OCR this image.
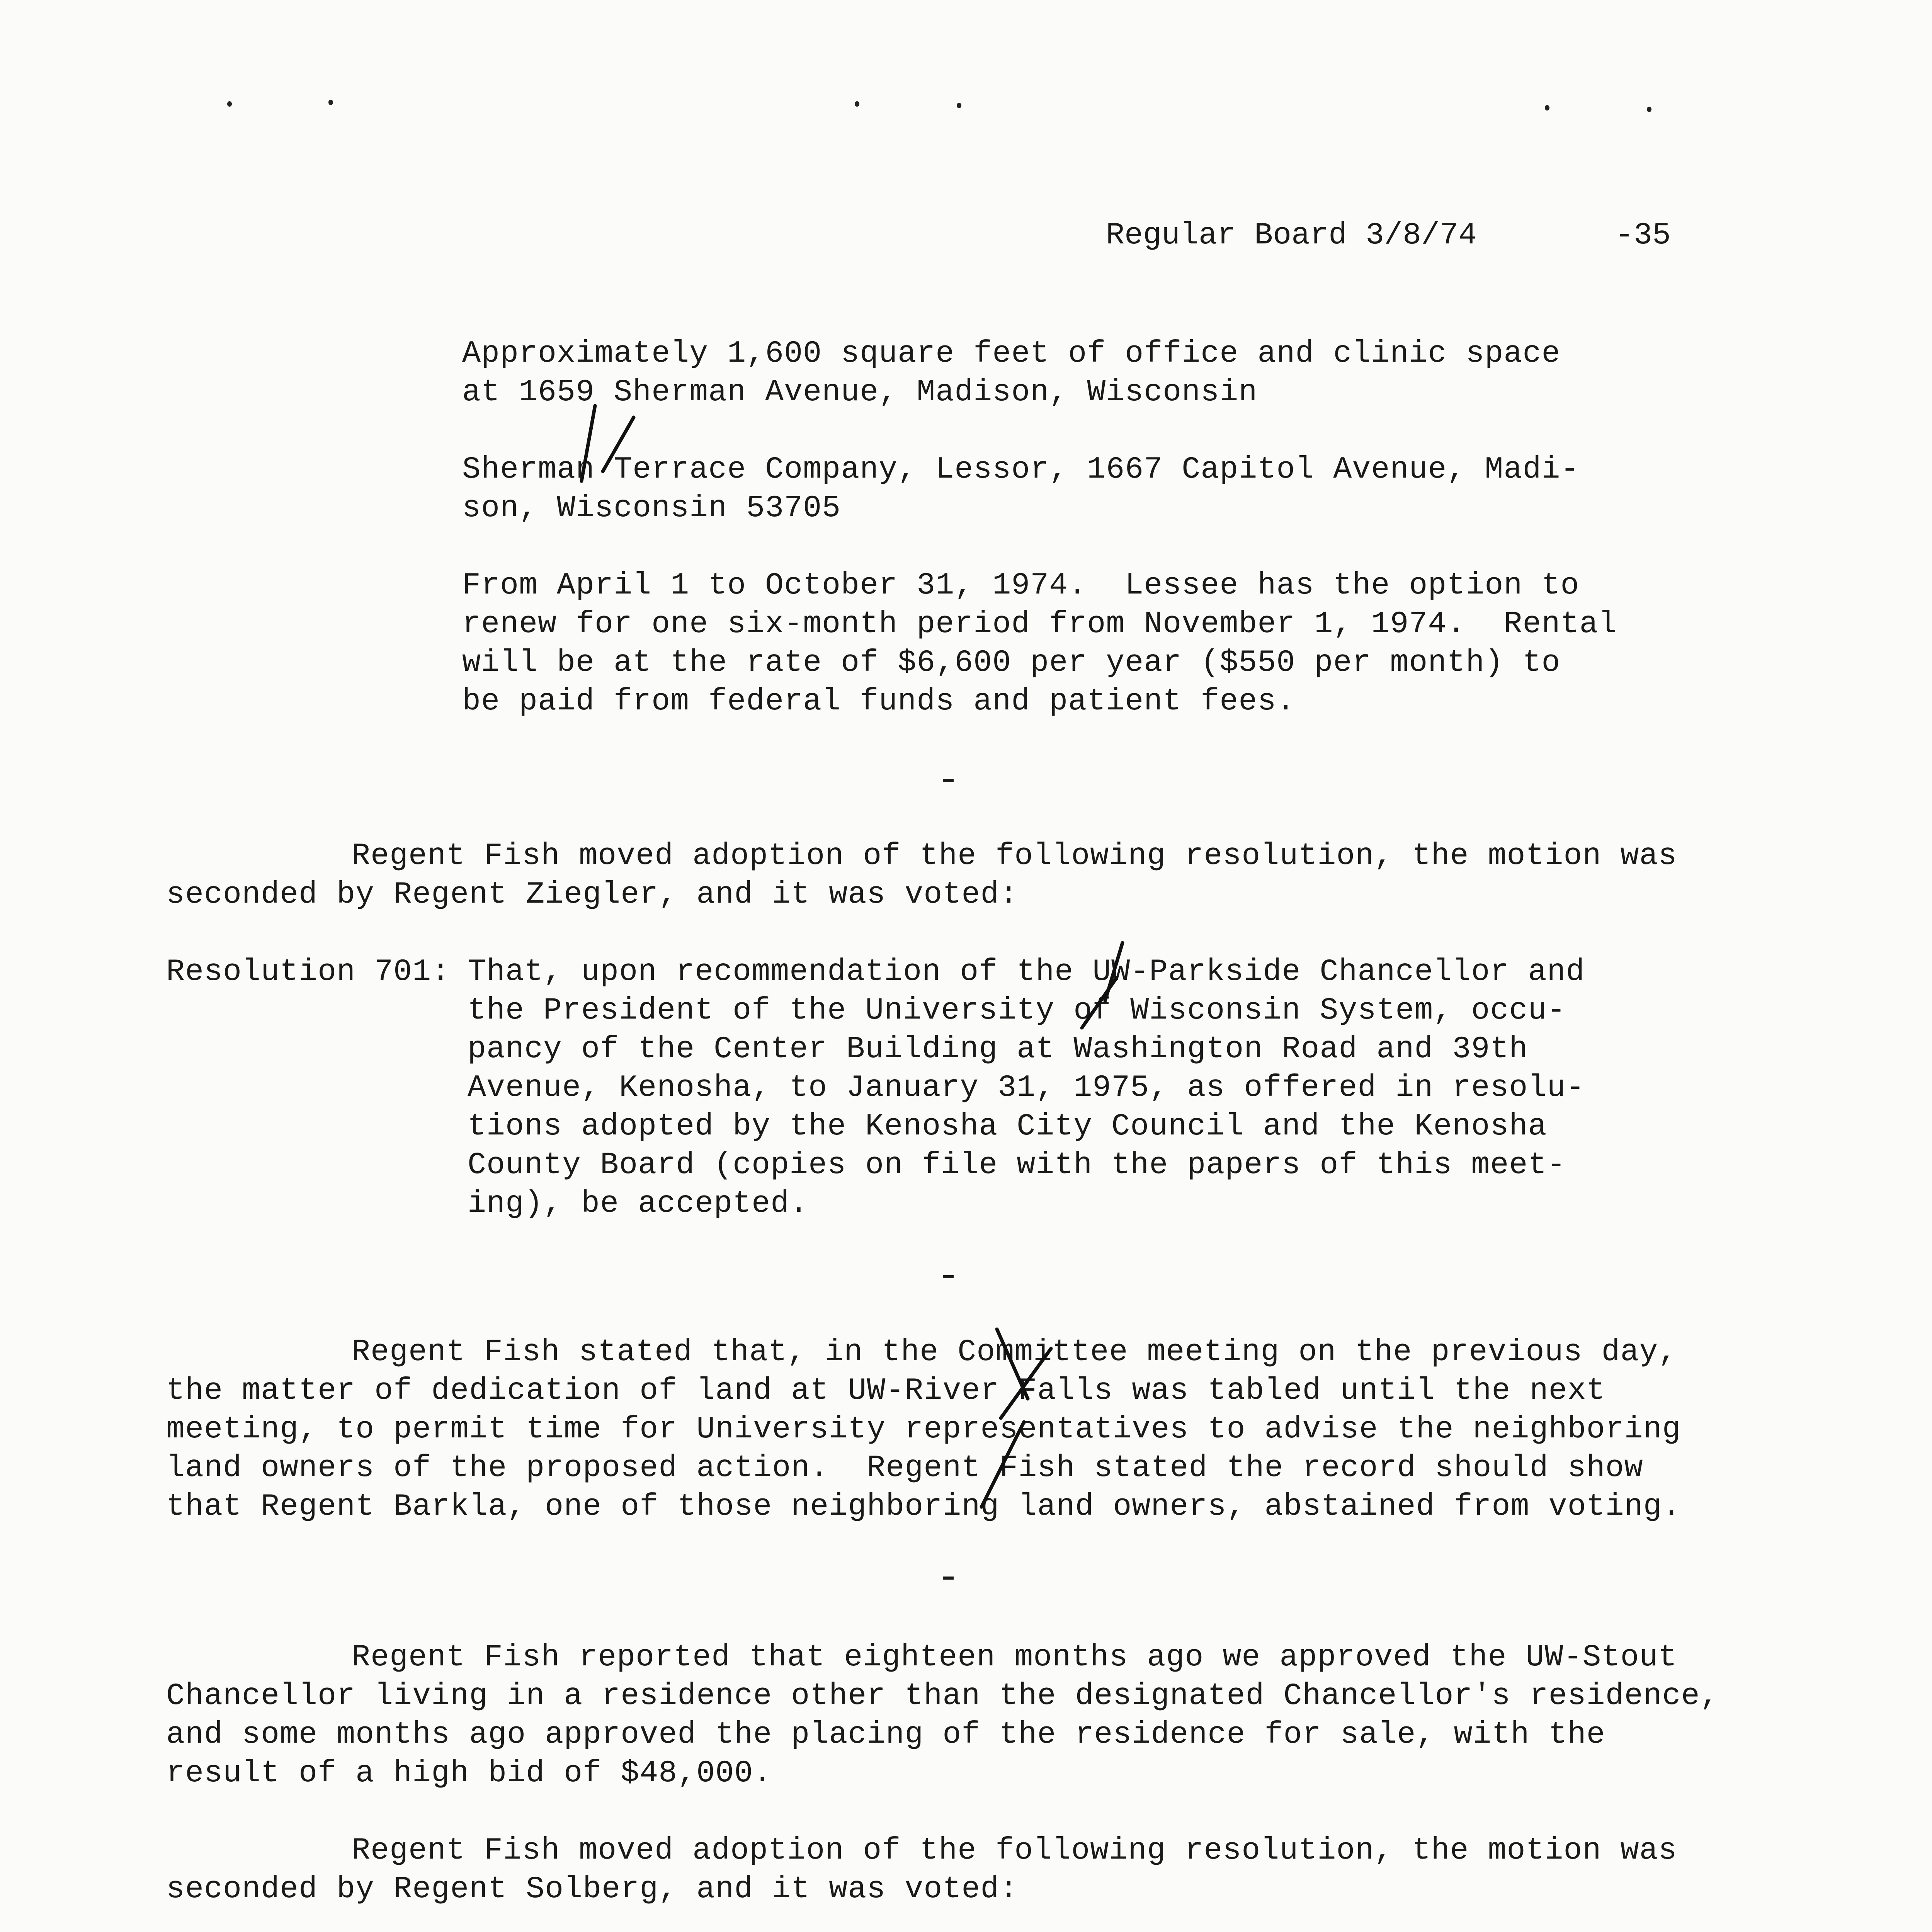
Regular Board 3/8/74	-35
Approximately 1,600 square feet of office and clinic space
at 1659 Sherman Avenue, Madison, Wisconsin
Sherman Terrace Company, Lessor, 1667 Capitol Avenue, Madi-
son, Wisconsin 53705
From April 1 to October 31, 1974.  Lessee has the option to
renew for one six-month period from November 1, 1974.  Rental
will be at the rate of $6,600 per year ($550 per month) to
be paid from federal funds and patient fees.
Regent Fish moved adoption of the following resolution, the motion was
seconded by Regent Ziegler, and it was voted:
Resolution 701: That, upon recommendation of the UW-Parkside Chancellor and
the President of the University of Wisconsin System, occu-
pancy of the Center Building at Washington Road and 39th
Avenue, Kenosha, to January 31, 1975, as offered in resolu-
tions adopted by the Kenosha City Council and the Kenosha
County Board (copies on file with the papers of this meet-
ing), be accepted.
Regent Fish stated that, in the Committee meeting on the previous day,
the matter of dedication of land at UW-River Falls was tabled until the next
meeting, to permit time for University representatives to advise the neighboring
land owners of the proposed action.  Regent Fish stated the record should show
that Regent Barkla, one of those neighboring land owners, abstained from voting.
Regent Fish reported that eighteen months ago we approved the UW-Stout
Chancellor living in a residence other than the designated Chancellor's residence,
and some months ago approved the placing of the residence for sale, with the
result of a high bid of $48,000.
Regent Fish moved adoption of the following resolution, the motion was
seconded by Regent Solberg, and it was voted:
